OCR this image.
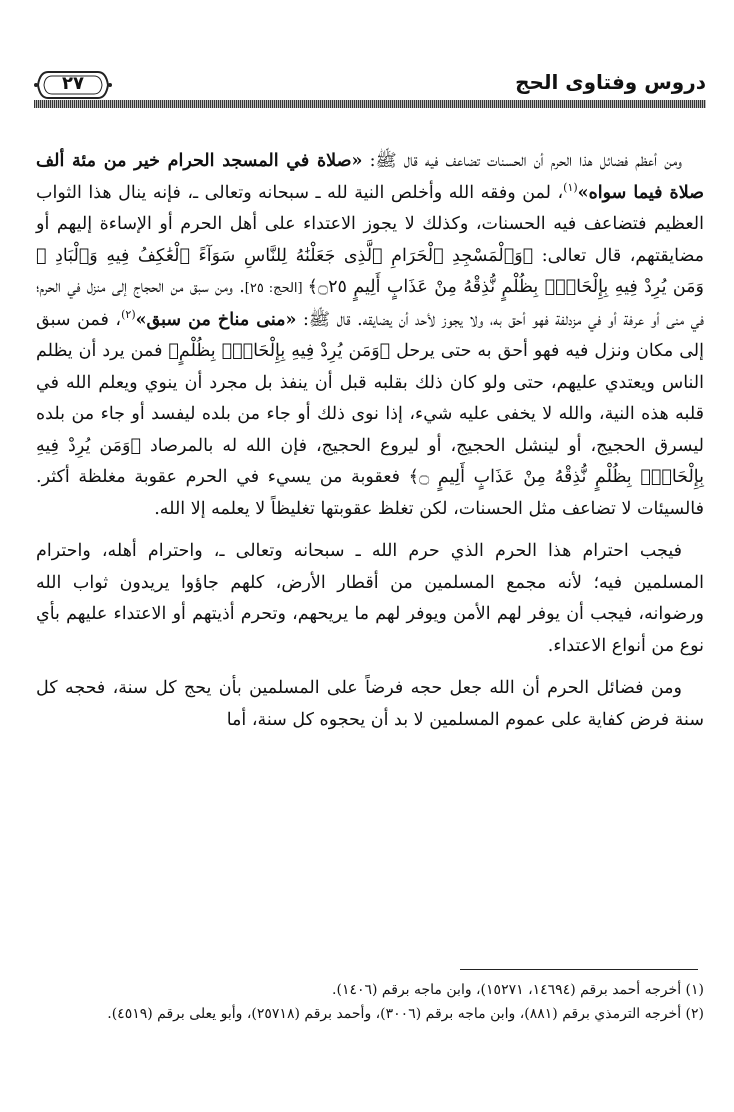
دروس وفتاوى الحج
٢٧

ومن أعظم فضائل هذا الحرم أن الحسنات تضاعف فيه قال ﷺ: «صلاة في المسجد الحرام خير من مئة ألف صلاة فيما سواه»$^{(١)}$، لمن وفقه الله وأخلص النية لله ـ سبحانه وتعالى ـ، فإنه ينال هذا الثواب العظيم فتضاعف فيه الحسنات، وكذلك لا يجوز الاعتداء على أهل الحرم أو الإساءة إليهم أو مضايقتهم، قال تعالى: ﴿وَٱلْمَسْجِدِ ٱلْحَرَامِ ٱلَّذِى جَعَلْنَٰهُ لِلنَّاسِ سَوَآءً ٱلْعَٰكِفُ فِيهِ وَٱلْبَادِ ۚ وَمَن يُرِدْ فِيهِ بِإِلْحَادٍۭ بِظُلْمٍ نُّذِقْهُ مِنْ عَذَابٍ أَلِيمٍ ۝٢٥﴾ [الحج: ٢٥]. ومن سبق من الحجاج إلى منزل في الحرم؛ في منى أو عرفة أو في مزدلفة فهو أحق به، ولا يجوز لأحد أن يضايقه. قال ﷺ: «منى مناخ من سبق»$^{(٢)}$، فمن سبق إلى مكان ونزل فيه فهو أحق به حتى يرحل ﴿وَمَن يُرِدْ فِيهِ بِإِلْحَادٍۭ بِظُلْمٍ﴾ فمن يرد أن يظلم الناس ويعتدي عليهم، حتى ولو كان ذلك بقلبه قبل أن ينفذ بل مجرد أن ينوي ويعلم الله في قلبه هذه النية، والله لا يخفى عليه شيء، إذا نوى ذلك أو جاء من بلده ليفسد أو جاء من بلده ليسرق الحجيج، أو لينشل الحجيج، أو ليروع الحجيج، فإن الله له بالمرصاد ﴿وَمَن يُرِدْ فِيهِ بِإِلْحَادٍۭ بِظُلْمٍ نُّذِقْهُ مِنْ عَذَابٍ أَلِيمٍ ۝﴾ فعقوبة من يسيء في الحرم عقوبة مغلظة أكثر. فالسيئات لا تضاعف مثل الحسنات، لكن تغلظ عقوبتها تغليظاً لا يعلمه إلا الله.

فيجب احترام هذا الحرم الذي حرم الله ـ سبحانه وتعالى ـ، واحترام أهله، واحترام المسلمين فيه؛ لأنه مجمع المسلمين من أقطار الأرض، كلهم جاؤوا يريدون ثواب الله ورضوانه، فيجب أن يوفر لهم الأمن ويوفر لهم ما يريحهم، وتحرم أذيتهم أو الاعتداء عليهم بأي نوع من أنواع الاعتداء.

ومن فضائل الحرم أن الله جعل حجه فرضاً على المسلمين بأن يحج كل سنة، فحجه كل سنة فرض كفاية على عموم المسلمين لا بد أن يحجوه كل سنة، أما

(١) أخرجه أحمد برقم (١٤٦٩٤، ١٥٢٧١)، وابن ماجه برقم (١٤٠٦).

(٢) أخرجه الترمذي برقم (٨٨١)، وابن ماجه برقم (٣٠٠٦)، وأحمد برقم (٢٥٧١٨)، وأبو يعلى برقم (٤٥١٩).
